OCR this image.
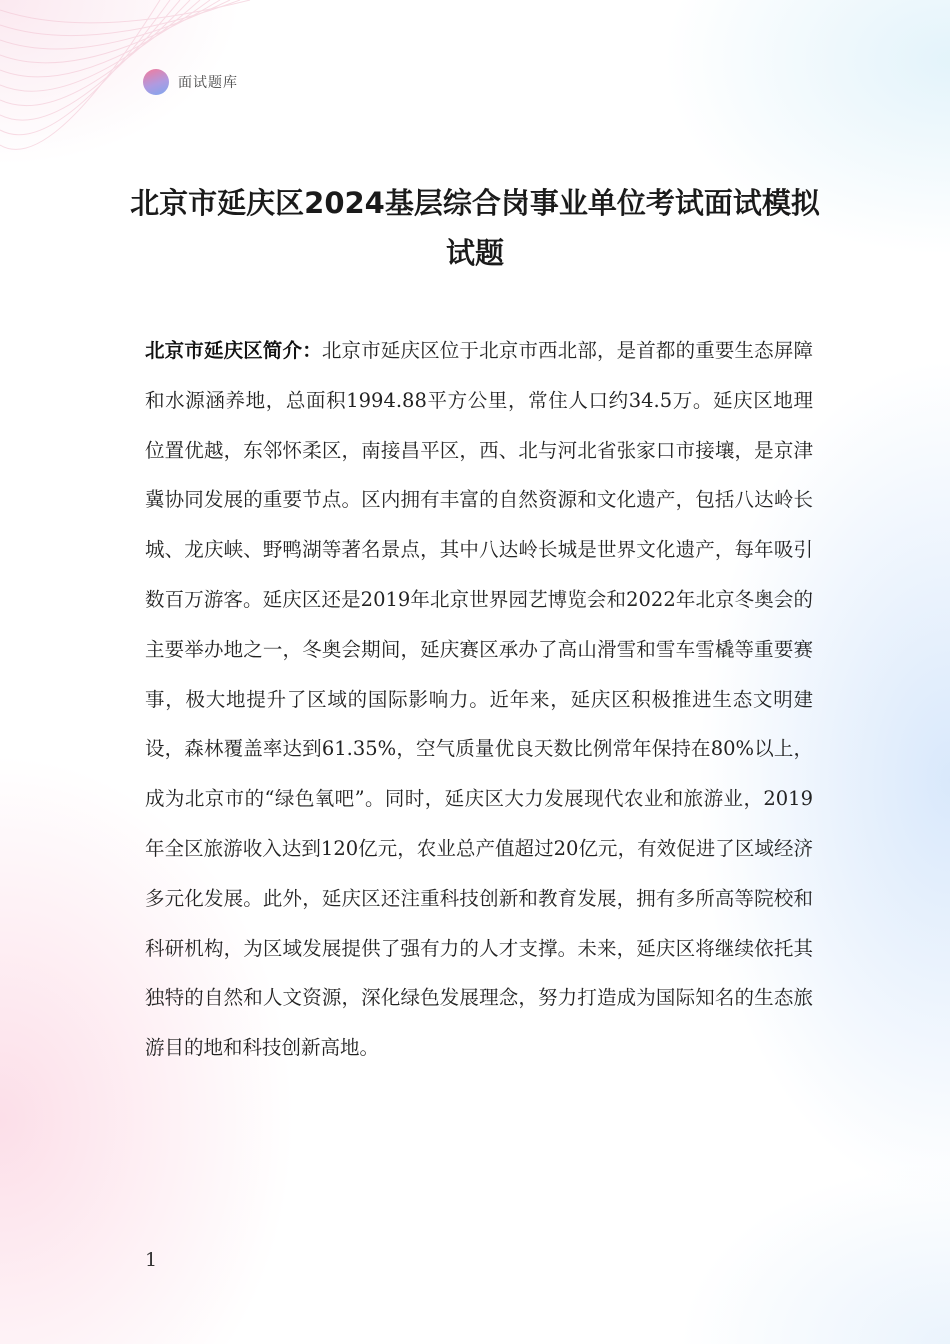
面试题库
北京市延庆区2024基层综合岗事业单位考试面试模拟试题

北京市延庆区简介：北京市延庆区位于北京市西北部，是首都的重要生态屏障和水源涵养地，总面积1994.88平方公里，常住人口约34.5万。延庆区地理位置优越，东邻怀柔区，南接昌平区，西、北与河北省张家口市接壤，是京津冀协同发展的重要节点。区内拥有丰富的自然资源和文化遗产，包括八达岭长城、龙庆峡、野鸭湖等著名景点，其中八达岭长城是世界文化遗产，每年吸引数百万游客。延庆区还是2019年北京世界园艺博览会和2022年北京冬奥会的主要举办地之一，冬奥会期间，延庆赛区承办了高山滑雪和雪车雪橇等重要赛事，极大地提升了区域的国际影响力。近年来，延庆区积极推进生态文明建设，森林覆盖率达到61.35%，空气质量优良天数比例常年保持在80%以上，成为北京市的“绿色氧吧”。同时，延庆区大力发展现代农业和旅游业，2019年全区旅游收入达到120亿元，农业总产值超过20亿元，有效促进了区域经济多元化发展。此外，延庆区还注重科技创新和教育发展，拥有多所高等院校和科研机构，为区域发展提供了强有力的人才支撑。未来，延庆区将继续依托其独特的自然和人文资源，深化绿色发展理念，努力打造成为国际知名的生态旅游目的地和科技创新高地。

1
